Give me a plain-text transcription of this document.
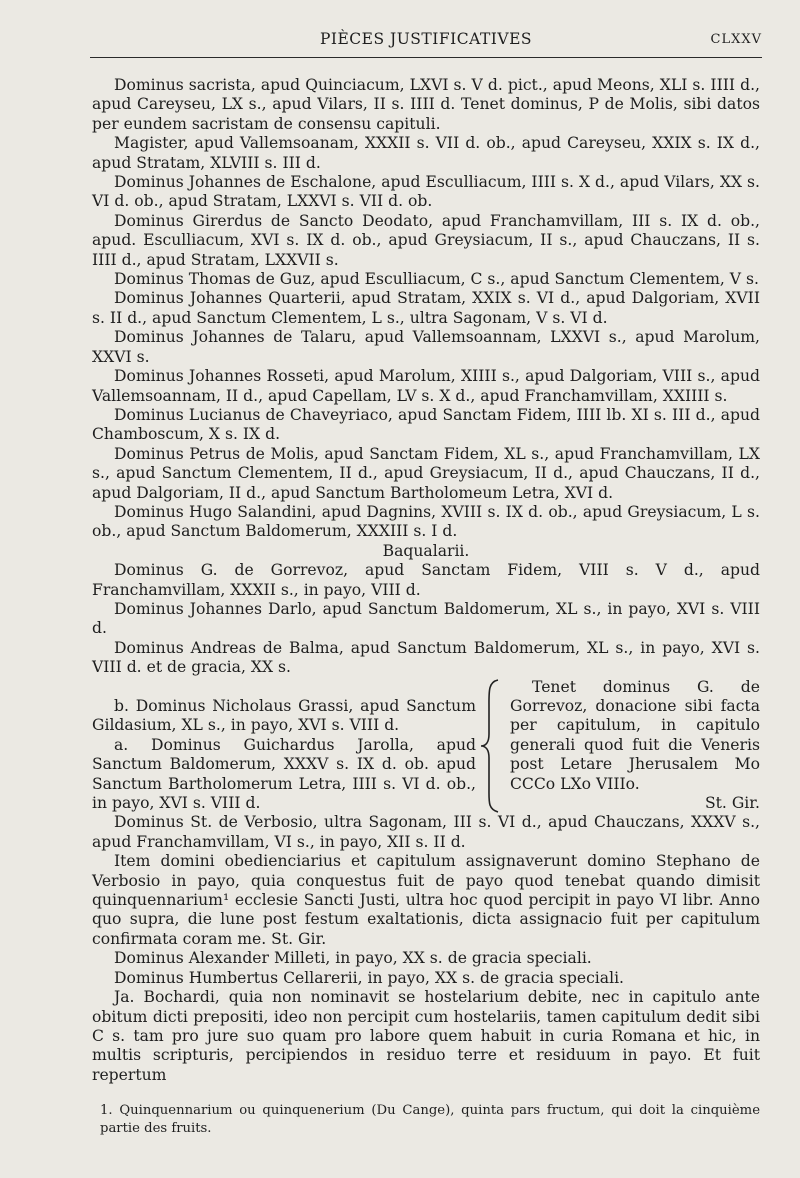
PIÈCES JUSTIFICATIVES	CLXXV

Dominus sacrista, apud Quinciacum, LXVI s. V d. pict., apud Meons, XLI s. IIII d., apud Careyseu, LX s., apud Vilars, II s. IIII d. Tenet dominus, P de Molis, sibi datos per eundem sacristam de consensu capituli.

Magister, apud Vallemsoanam, XXXII s. VII d. ob., apud Careyseu, XXIX s. IX d., apud Stratam, XLVIII s. III d.

Dominus Johannes de Eschalone, apud Esculliacum, IIII s. X d., apud Vilars, XX s. VI d. ob., apud Stratam, LXXVI s. VII d. ob.

Dominus Girerdus de Sancto Deodato, apud Franchamvillam, III s. IX d. ob., apud. Esculliacum, XVI s. IX d. ob., apud Greysiacum, II s., apud Chauczans, II s. IIII d., apud Stratam, LXXVII s.

Dominus Thomas de Guz, apud Esculliacum, C s., apud Sanctum Clementem, V s.

Dominus Johannes Quarterii, apud Stratam, XXIX s. VI d., apud Dalgoriam, XVII s. II d., apud Sanctum Clementem, L s., ultra Sagonam, V s. VI d.

Dominus Johannes de Talaru, apud Vallemsoannam, LXXVI s., apud Marolum, XXVI s.

Dominus Johannes Rosseti, apud Marolum, XIIII s., apud Dalgoriam, VIII s., apud Vallemsoannam, II d., apud Capellam, LV s. X d., apud Franchamvillam, XXIIII s.

Dominus Lucianus de Chaveyriaco, apud Sanctam Fidem, IIII lb. XI s. III d., apud Chamboscum, X s. IX d.

Dominus Petrus de Molis, apud Sanctam Fidem, XL s., apud Franchamvillam, LX s., apud Sanctum Clementem, II d., apud Greysiacum, II d., apud Chauczans, II d., apud Dalgoriam, II d., apud Sanctum Bartholomeum Letra, XVI d.

Dominus Hugo Salandini, apud Dagnins, XVIII s. IX d. ob., apud Greysiacum, L s. ob., apud Sanctum Baldomerum, XXXIII s. I d.

Baqualarii.

Dominus G. de Gorrevoz, apud Sanctam Fidem, VIII s. V d., apud Franchamvillam, XXXII s., in payo, VIII d.

Dominus Johannes Darlo, apud Sanctum Baldomerum, XL s., in payo, XVI s. VIII d.

Dominus Andreas de Balma, apud Sanctum Baldomerum, XL s., in payo, XVI s. VIII d. et de gracia, XX s.

b. Dominus Nicholaus Grassi, apud Sanctum Gildasium, XL s., in payo, XVI s. VIII d.

a. Dominus Guichardus Jarolla, apud Sanctum Baldomerum, XXXV s. IX d. ob. apud Sanctum Bartholomerum Letra, IIII s. VI d. ob., in payo, XVI s. VIII d.

Tenet dominus G. de Gorrevoz, donacione sibi facta per capitulum, in capitulo generali quod fuit die Veneris post Letare Jherusalem Mo CCCo LXo VIIIo.

St. Gir.

Dominus St. de Verbosio, ultra Sagonam, III s. VI d., apud Chauczans, XXXV s., apud Franchamvillam, VI s., in payo, XII s. II d.

Item domini obedienciarius et capitulum assignaverunt domino Stephano de Verbosio in payo, quia conquestus fuit de payo quod tenebat quando dimisit quinquennarium¹ ecclesie Sancti Justi, ultra hoc quod percipit in payo VI libr. Anno quo supra, die lune post festum exaltationis, dicta assignacio fuit per capitulum confirmata coram me. St. Gir.

Dominus Alexander Milleti, in payo, XX s. de gracia speciali.

Dominus Humbertus Cellarerii, in payo, XX s. de gracia speciali.

Ja. Bochardi, quia non nominavit se hostelarium debite, nec in capitulo ante obitum dicti prepositi, ideo non percipit cum hostelariis, tamen capitulum dedit sibi C s. tam pro jure suo quam pro labore quem habuit in curia Romana et hic, in multis scripturis, percipiendos in residuo terre et residuum in payo. Et fuit repertum

1. Quinquennarium ou quinquenerium (Du Cange), quinta pars fructum, qui doit la cinquième partie des fruits.
